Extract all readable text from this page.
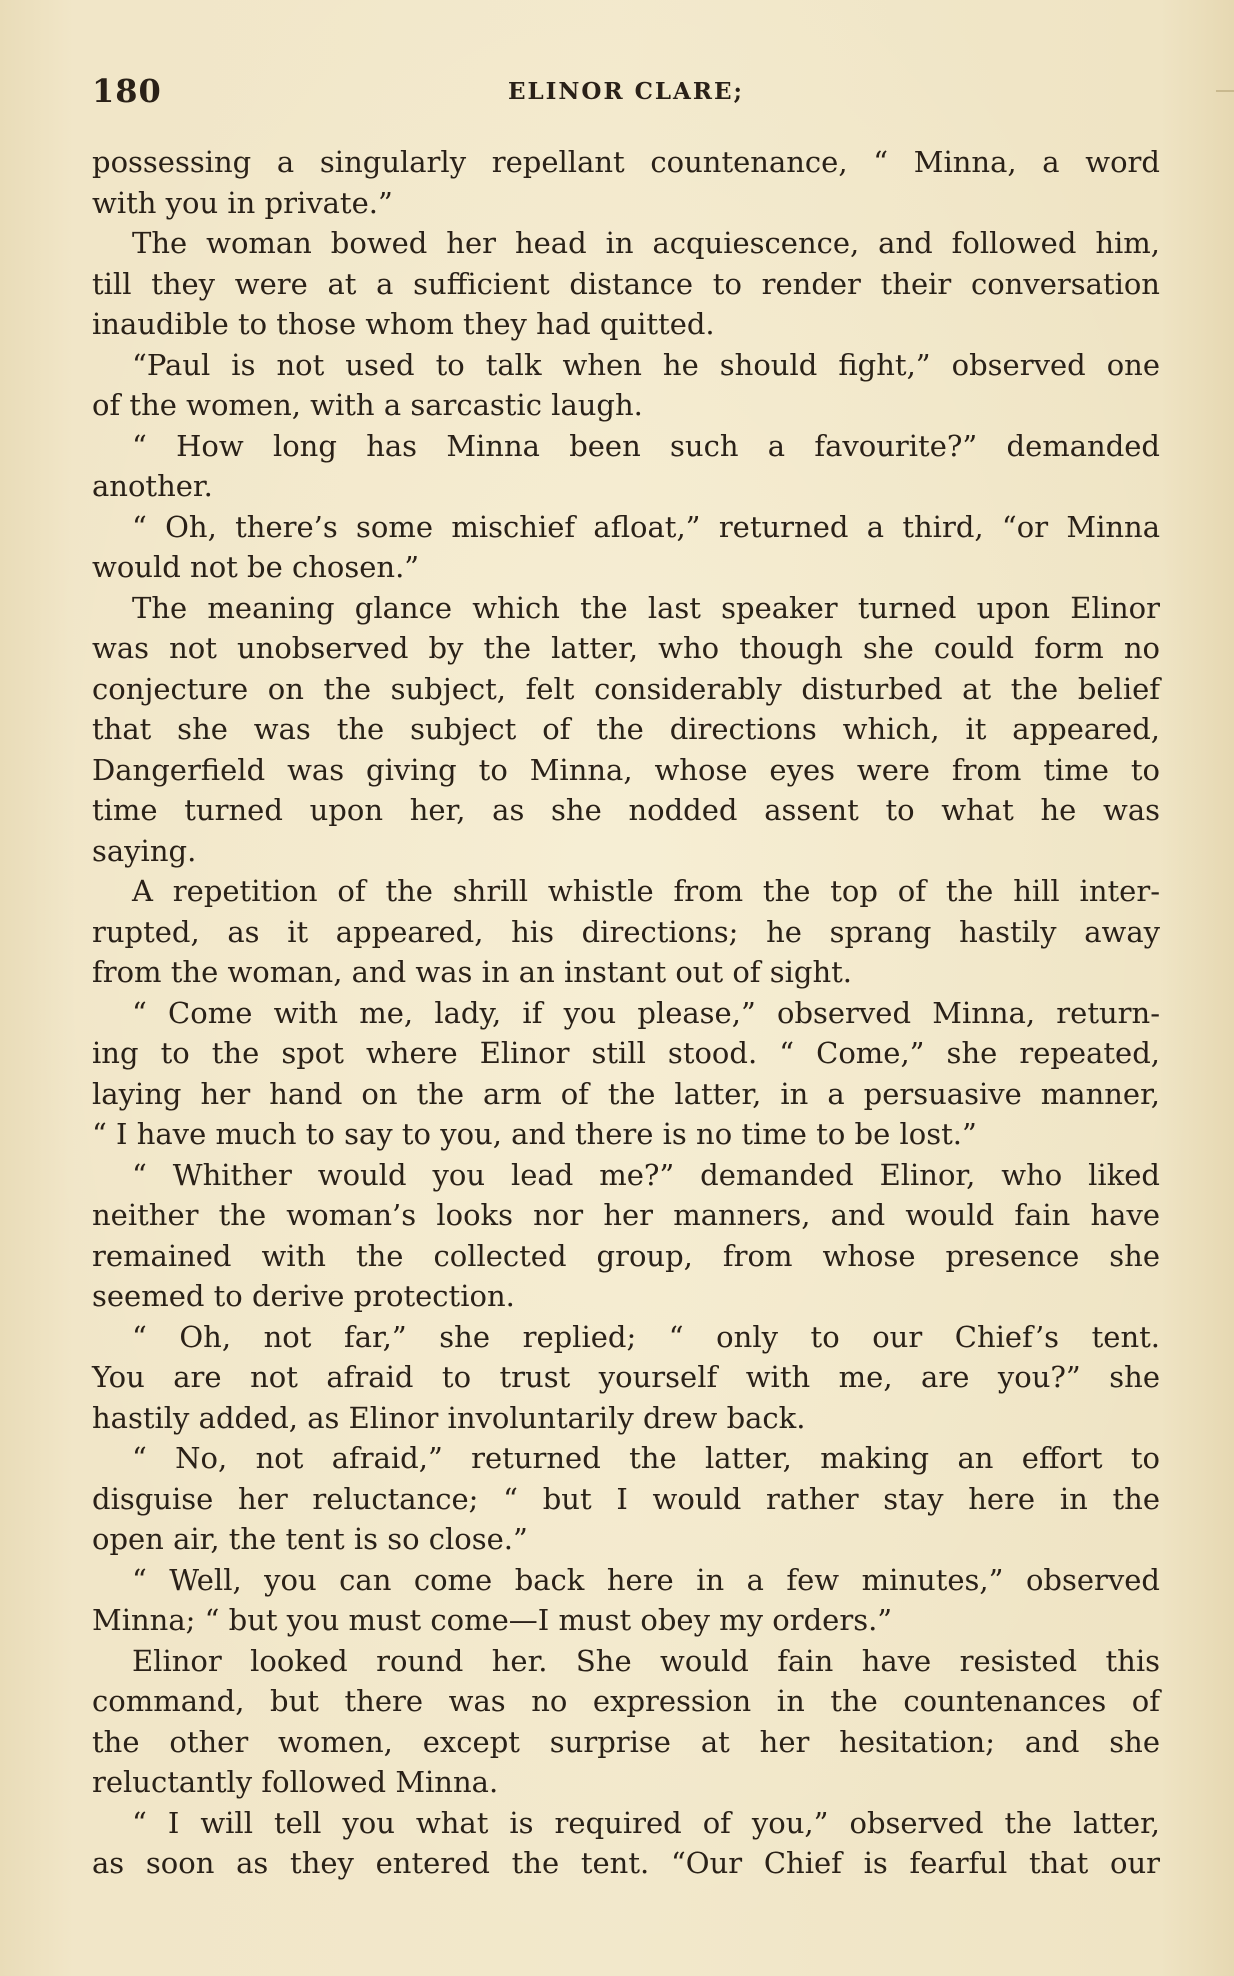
180	ELINOR CLARE;
possessing a singularly repellant countenance, “ Minna, a word
with you in private.”
The woman bowed her head in acquiescence, and followed him,
till they were at a sufficient distance to render their conversation
inaudible to those whom they had quitted.
“Paul is not used to talk when he should fight,” observed one
of the women, with a sarcastic laugh.
“ How long has Minna been such a favourite?” demanded
another.
“ Oh, there’s some mischief afloat,” returned a third, “or Minna
would not be chosen.”
The meaning glance which the last speaker turned upon Elinor
was not unobserved by the latter, who though she could form no
conjecture on the subject, felt considerably disturbed at the belief
that she was the subject of the directions which, it appeared,
Dangerfield was giving to Minna, whose eyes were from time to
time turned upon her, as she nodded assent to what he was
saying.
A repetition of the shrill whistle from the top of the hill inter-
rupted, as it appeared, his directions; he sprang hastily away
from the woman, and was in an instant out of sight.
“ Come with me, lady, if you please,” observed Minna, return-
ing to the spot where Elinor still stood. “ Come,” she repeated,
laying her hand on the arm of the latter, in a persuasive manner,
“ I have much to say to you, and there is no time to be lost.”
“ Whither would you lead me?” demanded Elinor, who liked
neither the woman’s looks nor her manners, and would fain have
remained with the collected group, from whose presence she
seemed to derive protection.
“ Oh, not far,” she replied; “ only to our Chief’s tent.
You are not afraid to trust yourself with me, are you?” she
hastily added, as Elinor involuntarily drew back.
“ No, not afraid,” returned the latter, making an effort to
disguise her reluctance; “ but I would rather stay here in the
open air, the tent is so close.”
“ Well, you can come back here in a few minutes,” observed
Minna; “ but you must come—I must obey my orders.”
Elinor looked round her. She would fain have resisted this
command, but there was no expression in the countenances of
the other women, except surprise at her hesitation; and she
reluctantly followed Minna.
“ I will tell you what is required of you,” observed the latter,
as soon as they entered the tent. “Our Chief is fearful that our
